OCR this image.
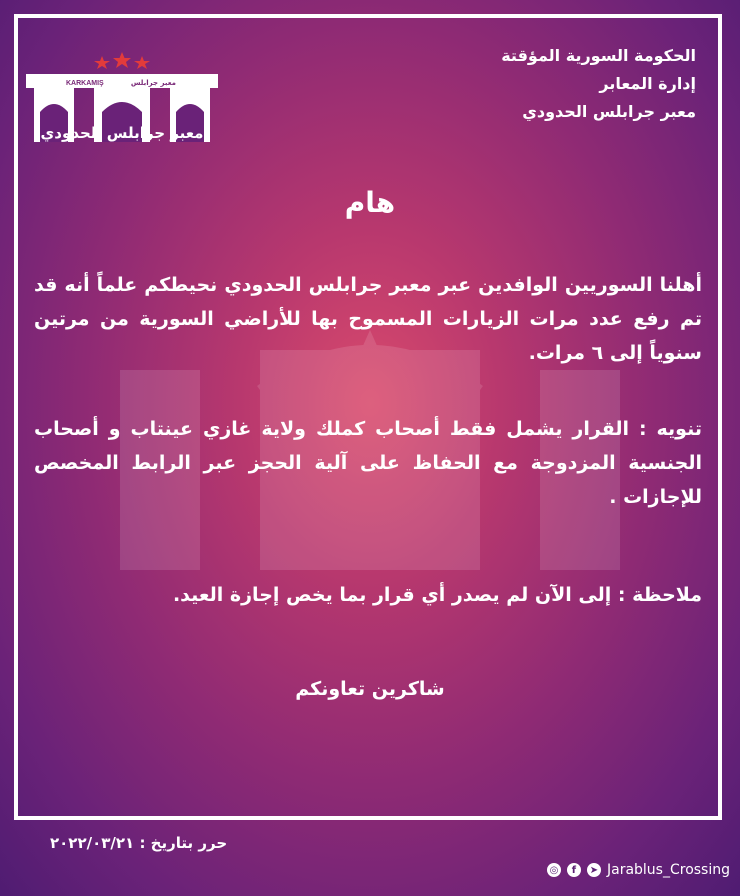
الحكومة السورية المؤقتة
إدارة المعابر
معبر جرابلس الحدودي
KARKAMIŞ	معبر جرابلس
معبر جرابلس الحدودي
هام
أهلنا السوريين الوافدين عبر معبر جرابلس الحدودي نحيطكم علماً أنه قد تم رفع عدد مرات الزيارات المسموح بها للأراضي السورية من مرتين سنوياً إلى ٦ مرات.
تنويه : القرار يشمل فقط أصحاب كملك ولاية غازي عينتاب و أصحاب الجنسية المزدوجة مع الحفاظ على آلية الحجز عبر الرابط المخصص للإجازات .
ملاحظة : إلى الآن لم يصدر أي قرار بما يخص إجازة العيد.
شاكرين تعاونكم
حرر بتاريخ : ٢٠٢٢/٠٣/٢١
◎	f	➤ Jarablus_Crossing
